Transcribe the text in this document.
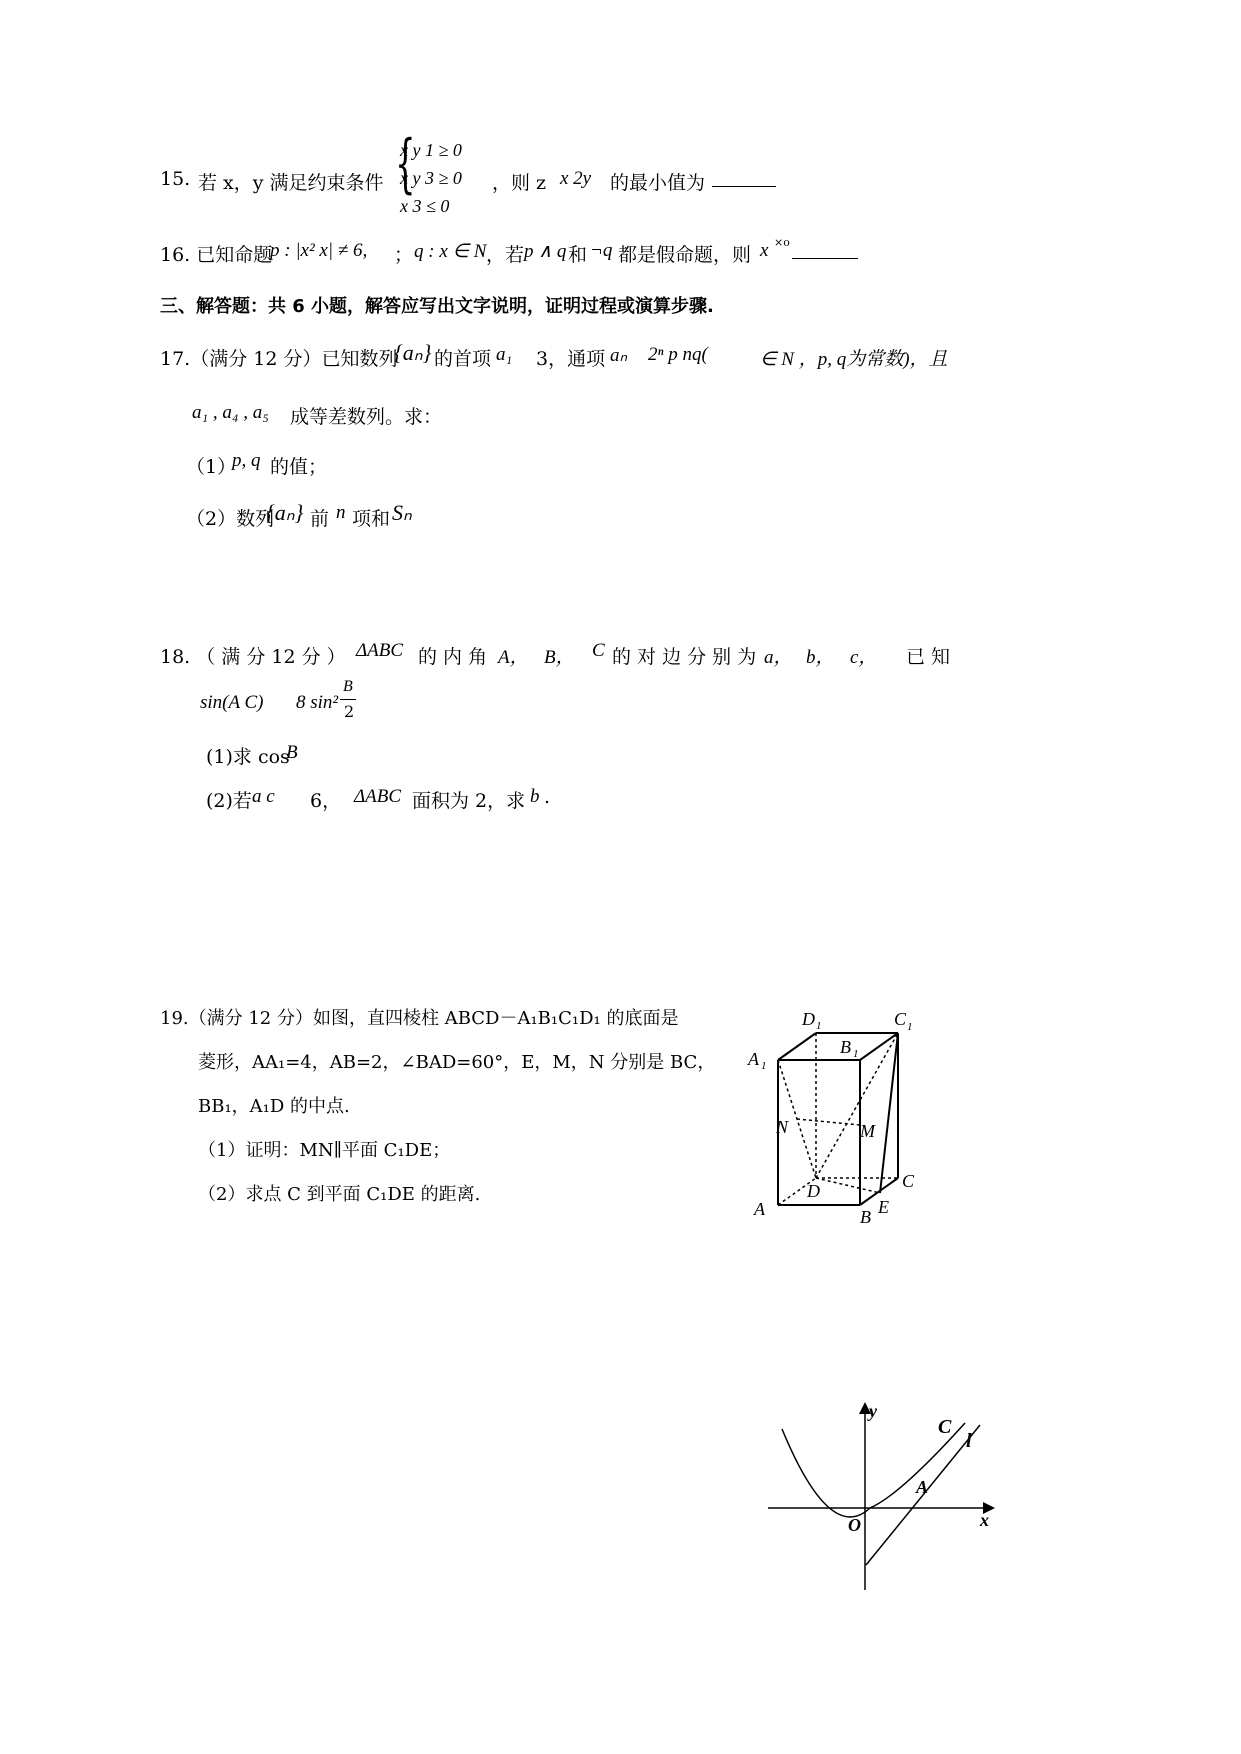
15. 若 x，y 满足约束条件 {
x y 1 ≥ 0
x y 3 ≥ 0
x 3 ≤ 0
，则 z x 2y 的最小值为
16. 已知命题
p : |x² x| ≠ 6, ； q : x ∈ N ，若 p ∧ q 和 ¬q 都是假命题，则 x ×o
三、解答题：共 6 小题，解答应写出文字说明，证明过程或演算步骤.
17.（满分 12 分）已知数列
{aₙ} 的首项 a₁ 3，通项 aₙ 2ⁿ p nq(	∈ N ，p, q为常数)，且
a₁ , a₄ , a₅ 成等差数列。求：
（1）
p, q 的值；
（2）数列
{aₙ} 前 n 项和 Sₙ
18. （ 满 分 12 分 ） ΔABC 的 内 角 A， B， C 的 对 边 分 别 为 a， b， c， 已 知
sin(A C) 8 sin²
B
2
(1)求 cos
B
(2)若 a c 6， ΔABC 面积为 2，求 b .
19.（满分 12 分）如图，直四棱柱 ABCD－A₁B₁C₁D₁ 的底面是
菱形，AA₁=4，AB=2，∠BAD=60°，E，M，N 分别是 BC，
BB₁，A₁D 的中点.
（1）证明：MN∥平面 C₁DE；
（2）求点 C 到平面 C₁DE 的距离.
D 1	C 1
A 1
B 1
N	M
D	C
E
A	B
y
x
O
A
C
l
